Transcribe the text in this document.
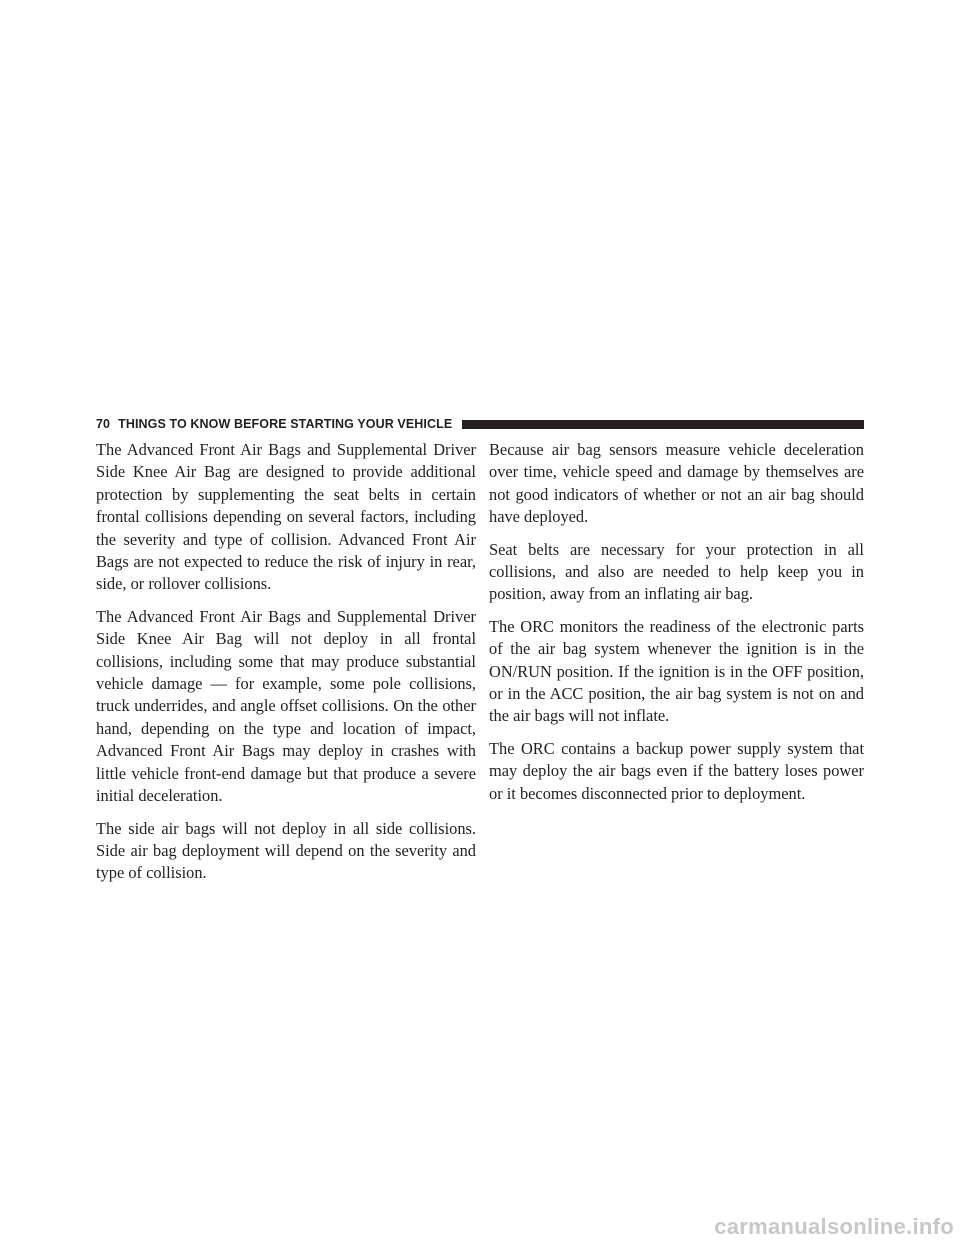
70 THINGS TO KNOW BEFORE STARTING YOUR VEHICLE

The Advanced Front Air Bags and Supplemental Driver Side Knee Air Bag are designed to provide additional protection by supplementing the seat belts in certain frontal collisions depending on several factors, including the severity and type of collision. Advanced Front Air Bags are not expected to reduce the risk of injury in rear, side, or rollover collisions.

The Advanced Front Air Bags and Supplemental Driver Side Knee Air Bag will not deploy in all frontal collisions, including some that may produce substantial vehicle damage — for example, some pole collisions, truck underrides, and angle offset collisions. On the other hand, depending on the type and location of impact, Advanced Front Air Bags may deploy in crashes with little vehicle front-end damage but that produce a severe initial deceleration.

The side air bags will not deploy in all side collisions. Side air bag deployment will depend on the severity and type of collision.

Because air bag sensors measure vehicle deceleration over time, vehicle speed and damage by themselves are not good indicators of whether or not an air bag should have deployed.

Seat belts are necessary for your protection in all collisions, and also are needed to help keep you in position, away from an inflating air bag.

The ORC monitors the readiness of the electronic parts of the air bag system whenever the ignition is in the ON/RUN position. If the ignition is in the OFF position, or in the ACC position, the air bag system is not on and the air bags will not inflate.

The ORC contains a backup power supply system that may deploy the air bags even if the battery loses power or it becomes disconnected prior to deployment.

carmanualsonline.info
